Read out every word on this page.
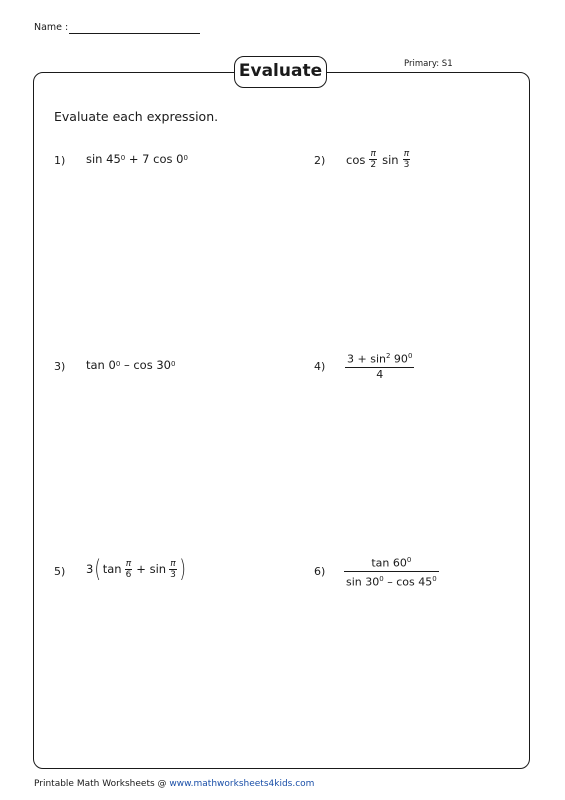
Name :
Primary: S1
Evaluate
Evaluate each expression.
1) $\sin 45^0 + 7$ $\cos 0^0$	2) $\cos \frac{\pi}{2}$ $\sin \frac{\pi}{3}$
3) $\tan 0^0$ – $\cos 30^0$	$4) \frac{3 + \sin^2 90^0}{4}$
5) 3 ( $\tan \frac{\pi}{6} + \sin \frac{\pi}{3}$ )	$6) \frac{\tan 60^0}{\sin 30^0 - \cos 45^0}$
Printable Math Worksheets @ www.mathworksheets4kids.com
